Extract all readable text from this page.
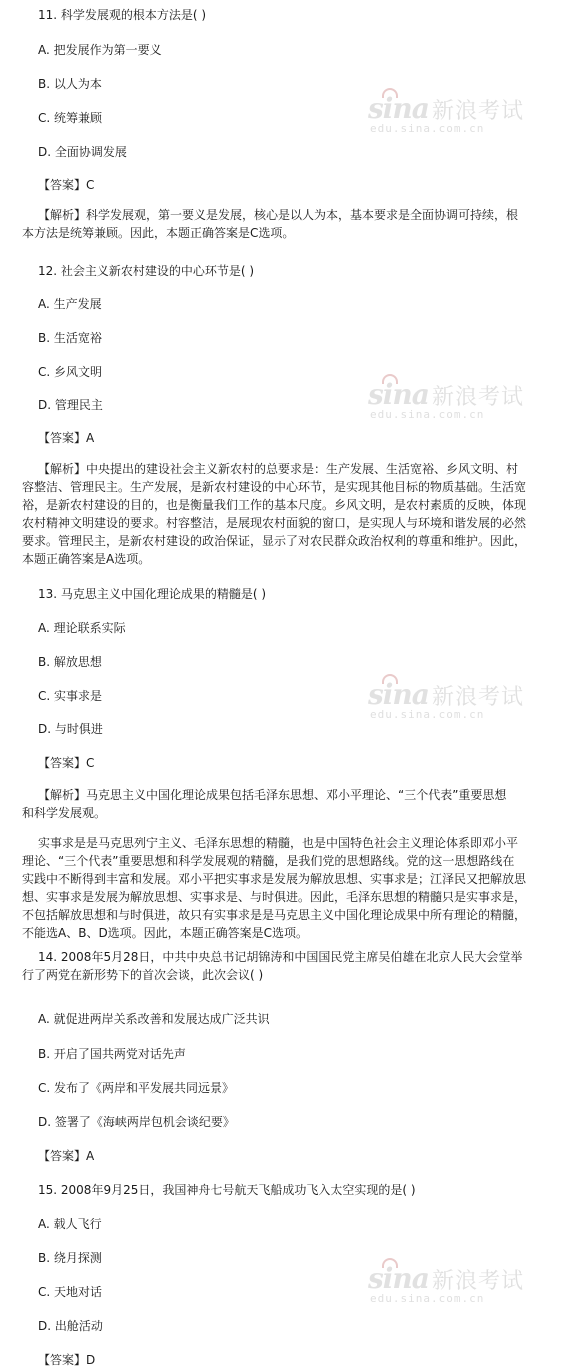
sina 新浪考试
edu.sina.com.cn
sina 新浪考试
edu.sina.com.cn
sina 新浪考试
edu.sina.com.cn
sina 新浪考试
edu.sina.com.cn
11. 科学发展观的根本方法是( )
A. 把发展作为第一要义
B. 以人为本
C. 统筹兼顾
D. 全面协调发展
【答案】C
【解析】科学发展观，第一要义是发展，核心是以人为本，基本要求是全面协调可持续，根
本方法是统筹兼顾。因此，本题正确答案是C选项。
12. 社会主义新农村建设的中心环节是( )
A. 生产发展
B. 生活宽裕
C. 乡风文明
D. 管理民主
【答案】A
【解析】中央提出的建设社会主义新农村的总要求是：生产发展、生活宽裕、乡风文明、村
容整洁、管理民主。生产发展，是新农村建设的中心环节，是实现其他目标的物质基础。生活宽
裕，是新农村建设的目的，也是衡量我们工作的基本尺度。乡风文明，是农村素质的反映，体现
农村精神文明建设的要求。村容整洁，是展现农村面貌的窗口，是实现人与环境和谐发展的必然
要求。管理民主，是新农村建设的政治保证，显示了对农民群众政治权利的尊重和维护。因此，
本题正确答案是A选项。
13. 马克思主义中国化理论成果的精髓是( )
A. 理论联系实际
B. 解放思想
C. 实事求是
D. 与时俱进
【答案】C
【解析】马克思主义中国化理论成果包括毛泽东思想、邓小平理论、“三个代表”重要思想
和科学发展观。
实事求是是马克思列宁主义、毛泽东思想的精髓，也是中国特色社会主义理论体系即邓小平
理论、“三个代表”重要思想和科学发展观的精髓，是我们党的思想路线。党的这一思想路线在
实践中不断得到丰富和发展。邓小平把实事求是发展为解放思想、实事求是；江泽民又把解放思
想、实事求是发展为解放思想、实事求是、与时俱进。因此，毛泽东思想的精髓只是实事求是，
不包括解放思想和与时俱进，故只有实事求是是马克思主义中国化理论成果中所有理论的精髓，
不能选A、B、D选项。因此，本题正确答案是C选项。
14. 2008年5月28日，中共中央总书记胡锦涛和中国国民党主席吴伯雄在北京人民大会堂举
行了两党在新形势下的首次会谈，此次会议( )
A. 就促进两岸关系改善和发展达成广泛共识
B. 开启了国共两党对话先声
C. 发布了《两岸和平发展共同远景》
D. 签署了《海峡两岸包机会谈纪要》
【答案】A
15. 2008年9月25日，我国神舟七号航天飞船成功飞入太空实现的是( )
A. 载人飞行
B. 绕月探测
C. 天地对话
D. 出舱活动
【答案】D
